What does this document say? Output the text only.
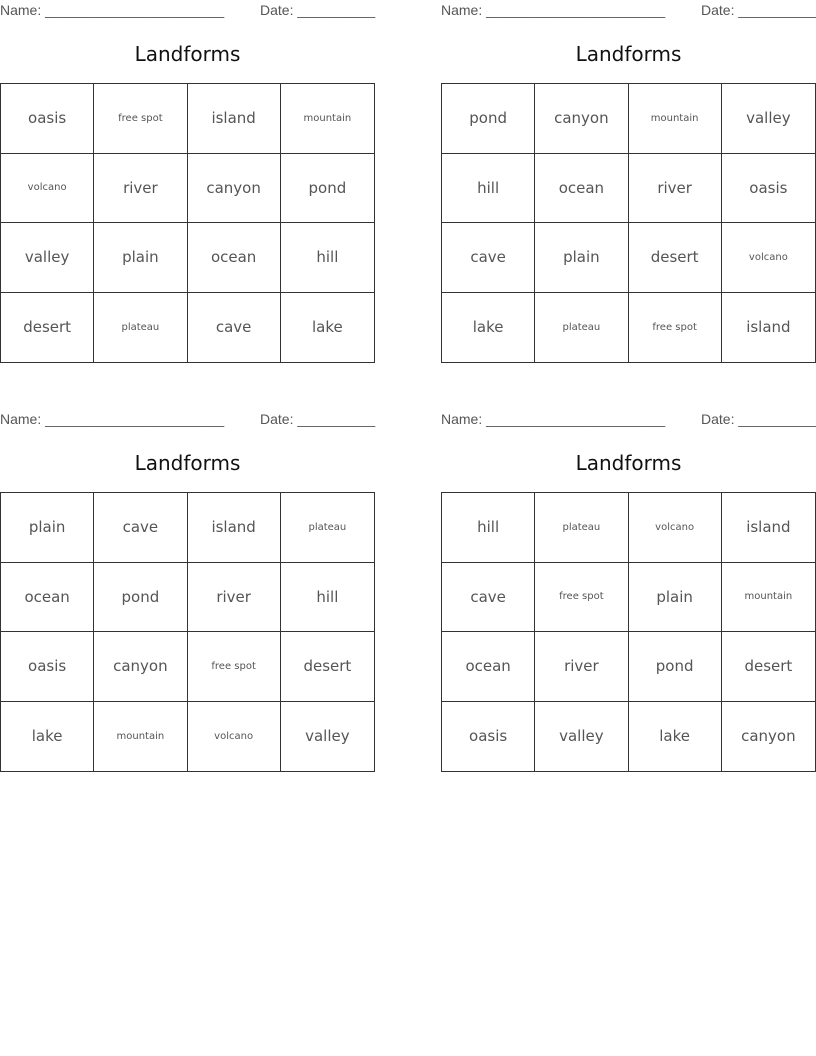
Name: _______________________	Date: __________
Landforms
oasis	free spot	island	mountain
volcano	river	canyon	pond
valley	plain	ocean	hill
desert	plateau	cave	lake
Name: _______________________	Date: __________
Landforms
pond	canyon	mountain	valley
hill	ocean	river	oasis
cave	plain	desert	volcano
lake	plateau	free spot	island
Name: _______________________	Date: __________
Landforms
plain	cave	island	plateau
ocean	pond	river	hill
oasis	canyon	free spot	desert
lake	mountain	volcano	valley
Name: _______________________	Date: __________
Landforms
hill	plateau	volcano	island
cave	free spot	plain	mountain
ocean	river	pond	desert
oasis	valley	lake	canyon
